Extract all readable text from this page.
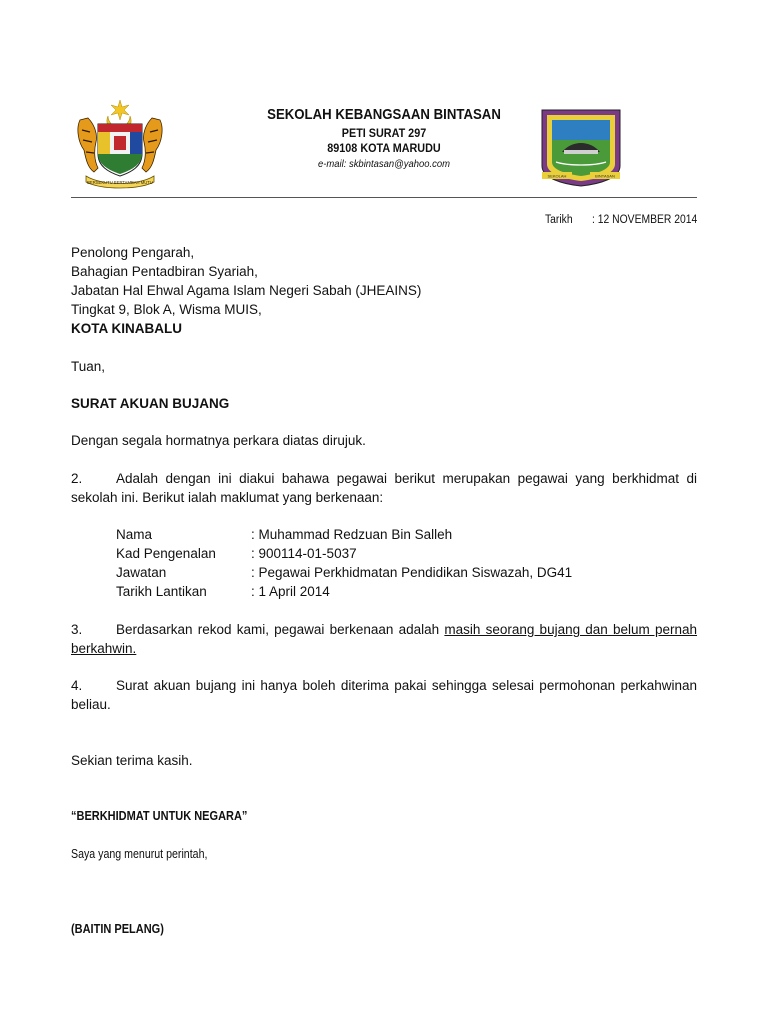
BERSEKUTU BERTAMBAH MUTU
SEKOLAH KEBANGSAAN BINTASAN
PETI SURAT 297
89108 KOTA MARUDU
e-mail: skbintasan@yahoo.com
SEKOLAH	BINTASAN
Tarikh : 12 NOVEMBER 2014
Penolong Pengarah,
Bahagian Pentadbiran Syariah,
Jabatan Hal Ehwal Agama Islam Negeri Sabah (JHEAINS)
Tingkat 9, Blok A, Wisma MUIS,
KOTA KINABALU
Tuan,
SURAT AKUAN BUJANG
Dengan segala hormatnya perkara diatas dirujuk.
2. Adalah dengan ini diakui bahawa pegawai berikut merupakan pegawai yang berkhidmat di
sekolah ini. Berikut ialah maklumat yang berkenaan:
Nama	: Muhammad Redzuan Bin Salleh
Kad Pengenalan	: 900114-01-5037
Jawatan	: Pegawai Perkhidmatan Pendidikan Siswazah, DG41
Tarikh Lantikan	: 1 April 2014
3. Berdasarkan rekod kami, pegawai berkenaan adalah masih seorang bujang dan belum pernah
berkahwin.
4. Surat akuan bujang ini hanya boleh diterima pakai sehingga selesai permohonan perkahwinan
beliau.
Sekian terima kasih.
“BERKHIDMAT UNTUK NEGARA”
Saya yang menurut perintah,
(BAITIN PELANG)
